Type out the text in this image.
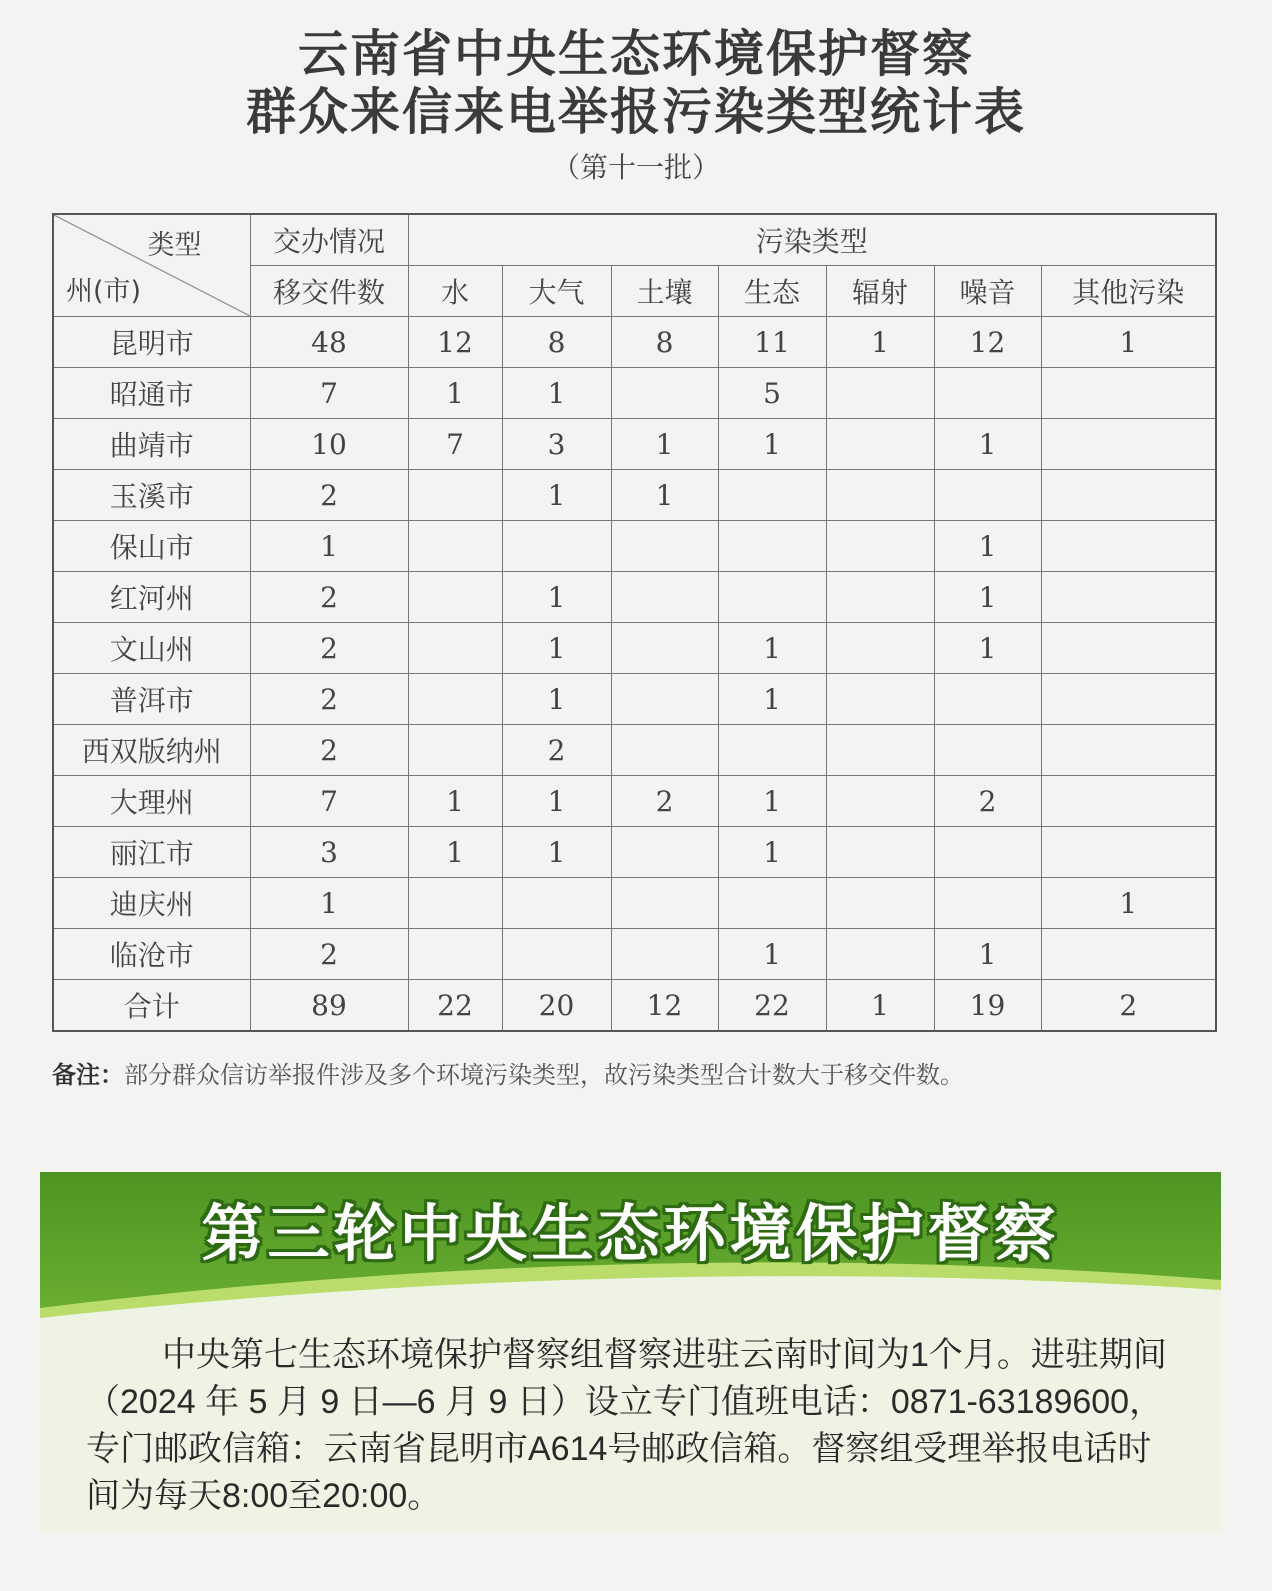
云南省中央生态环境保护督察
群众来信来电举报污染类型统计表
（第十一批）
类型
州(市)	交办情况	污染类型						
	移交件数	水	大气	土壤	生态	辐射	噪音	其他污染
昆明市	48	12	8	8	11	1	12	1
昭通市	7	1	1		5			
曲靖市	10	7	3	1	1		1	
玉溪市	2		1	1				
保山市	1						1	
红河州	2		1				1	
文山州	2		1		1		1	
普洱市	2		1		1			
西双版纳州	2		2					
大理州	7	1	1	2	1		2	
丽江市	3	1	1		1			
迪庆州	1							1
临沧市	2				1		1	
合计	89	22	20	12	22	1	19	2
备注：部分群众信访举报件涉及多个环境污染类型，故污染类型合计数大于移交件数。
第三轮中央生态环境保护督察
中央第七生态环境保护督察组督察进驻云南时间为1个月。进驻期间（2024 年 5 月 9 日—6 月 9 日）设立专门值班电话：0871-63189600，专门邮政信箱：云南省昆明市A614号邮政信箱。督察组受理举报电话时间为每天8:00至20:00。
